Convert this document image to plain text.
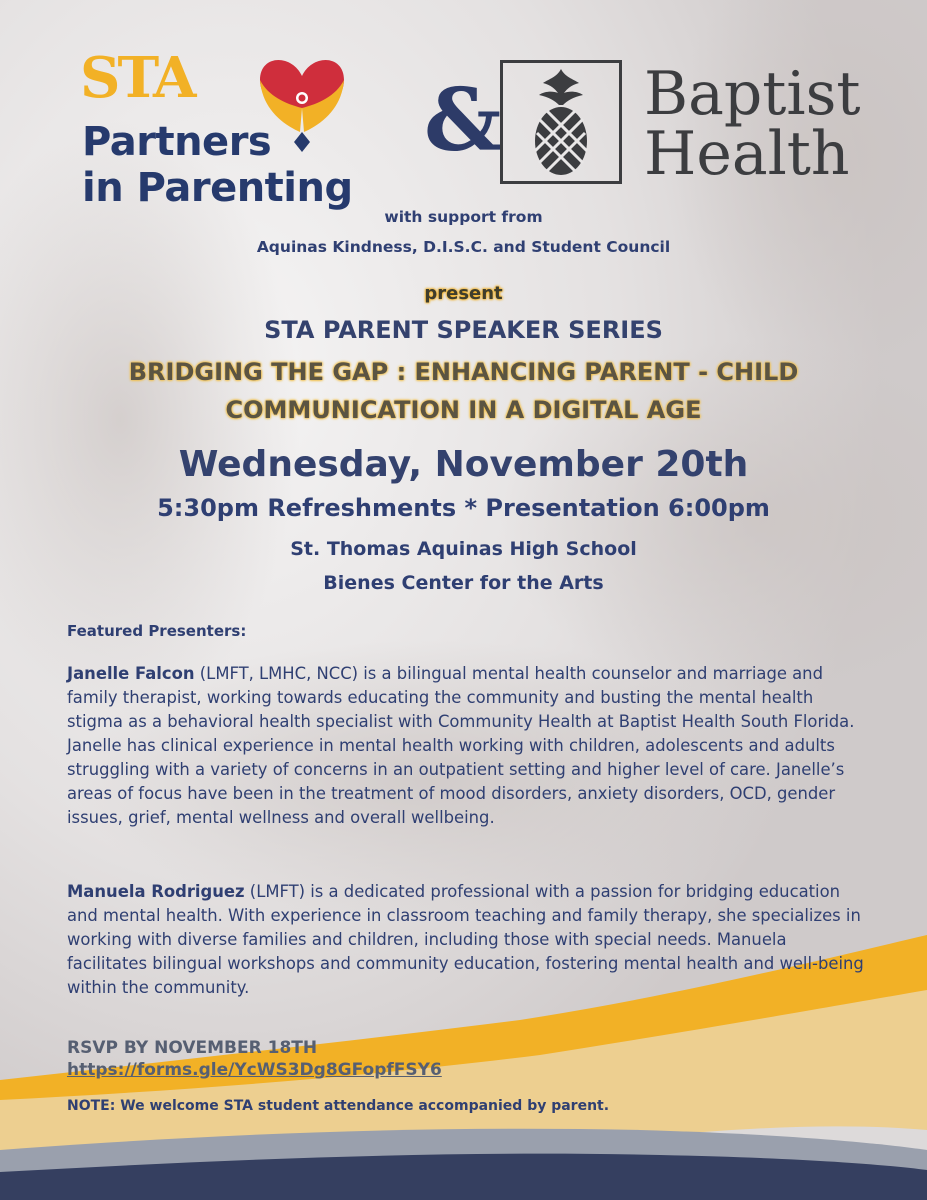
STA
Partners
in Parenting
& Baptist
Health
with support from
Aquinas Kindness, D.I.S.C. and Student Council
present
STA PARENT SPEAKER SERIES
BRIDGING THE GAP : ENHANCING PARENT - CHILD
COMMUNICATION IN A DIGITAL AGE
Wednesday, November 20th
5:30pm Refreshments * Presentation 6:00pm
St. Thomas Aquinas High School
Bienes Center for the Arts
Featured Presenters:

Janelle Falcon (LMFT, LMHC, NCC) is a bilingual mental health counselor and marriage and family therapist, working towards educating the community and busting the mental health stigma as a behavioral health specialist with Community Health at Baptist Health South Florida. Janelle has clinical experience in mental health working with children, adolescents and adults struggling with a variety of concerns in an outpatient setting and higher level of care. Janelle’s areas of focus have been in the treatment of mood disorders, anxiety disorders, OCD, gender issues, grief, mental wellness and overall wellbeing.

Manuela Rodriguez (LMFT) is a dedicated professional with a passion for bridging education and mental health. With experience in classroom teaching and family therapy, she specializes in working with diverse families and children, including those with special needs. Manuela facilitates bilingual workshops and community education, fostering mental health and well-being within the community.

RSVP BY NOVEMBER 18TH
https://forms.gle/YcWS3Dg8GFopfFSY6
NOTE: We welcome STA student attendance accompanied by parent.
